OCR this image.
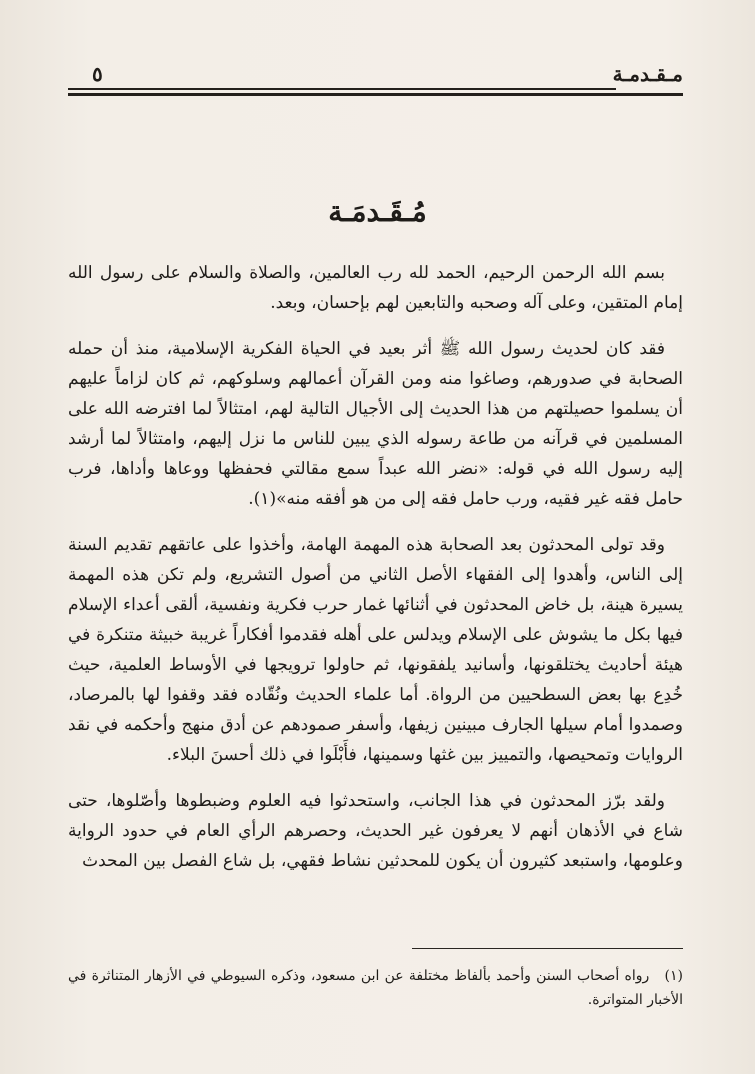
مـقـدمـة
٥
مُـقَـدمَـة

بسم الله الرحمن الرحيم، الحمد لله رب العالمين، والصلاة والسلام على رسول الله إمام المتقين، وعلى آله وصحبه والتابعين لهم بإحسان، وبعد.

فقد كان لحديث رسول الله ﷺ أثر بعيد في الحياة الفكرية الإسلامية، منذ أن حمله الصحابة في صدورهم، وصاغوا منه ومن القرآن أعمالهم وسلوكهم، ثم كان لزاماً عليهم أن يسلموا حصيلتهم من هذا الحديث إلى الأجيال التالية لهم، امتثالاً لما افترضه الله على المسلمين في قرآنه من طاعة رسوله الذي يبين للناس ما نزل إليهم، وامتثالاً لما أرشد إليه رسول الله في قوله: «نضر الله عبداً سمع مقالتي فحفظها ووعاها وأداها، فرب حامل فقه غير فقيه، ورب حامل فقه إلى من هو أفقه منه»(١).

وقد تولى المحدثون بعد الصحابة هذه المهمة الهامة، وأخذوا على عاتقهم تقديم السنة إلى الناس، وأهدوا إلى الفقهاء الأصل الثاني من أصول التشريع، ولم تكن هذه المهمة يسيرة هينة، بل خاض المحدثون في أثنائها غمار حرب فكرية ونفسية، ألقى أعداء الإسلام فيها بكل ما يشوش على الإسلام ويدلس على أهله فقدموا أفكاراً غريبة خبيثة متنكرة في هيئة أحاديث يختلقونها، وأسانيد يلفقونها، ثم حاولوا ترويجها في الأوساط العلمية، حيث خُدِع بها بعض السطحيين من الرواة. أما علماء الحديث ونُقّاده فقد وقفوا لها بالمرصاد، وصمدوا أمام سيلها الجارف مبينين زيفها، وأسفر صمودهم عن أدق منهج وأحكمه في نقد الروايات وتمحيصها، والتمييز بين غثها وسمينها، فأَبْلَوا في ذلك أحسنَ البلاء.

ولقد برّز المحدثون في هذا الجانب، واستحدثوا فيه العلوم وضبطوها وأصّلوها، حتى شاع في الأذهان أنهم لا يعرفون غير الحديث، وحصرهم الرأي العام في حدود الرواية وعلومها، واستبعد كثيرون أن يكون للمحدثين نشاط فقهي، بل شاع الفصل بين المحدث

(١) رواه أصحاب السنن وأحمد بألفاظ مختلفة عن ابن مسعود، وذكره السيوطي في الأزهار المتناثرة في الأخبار المتواترة.
